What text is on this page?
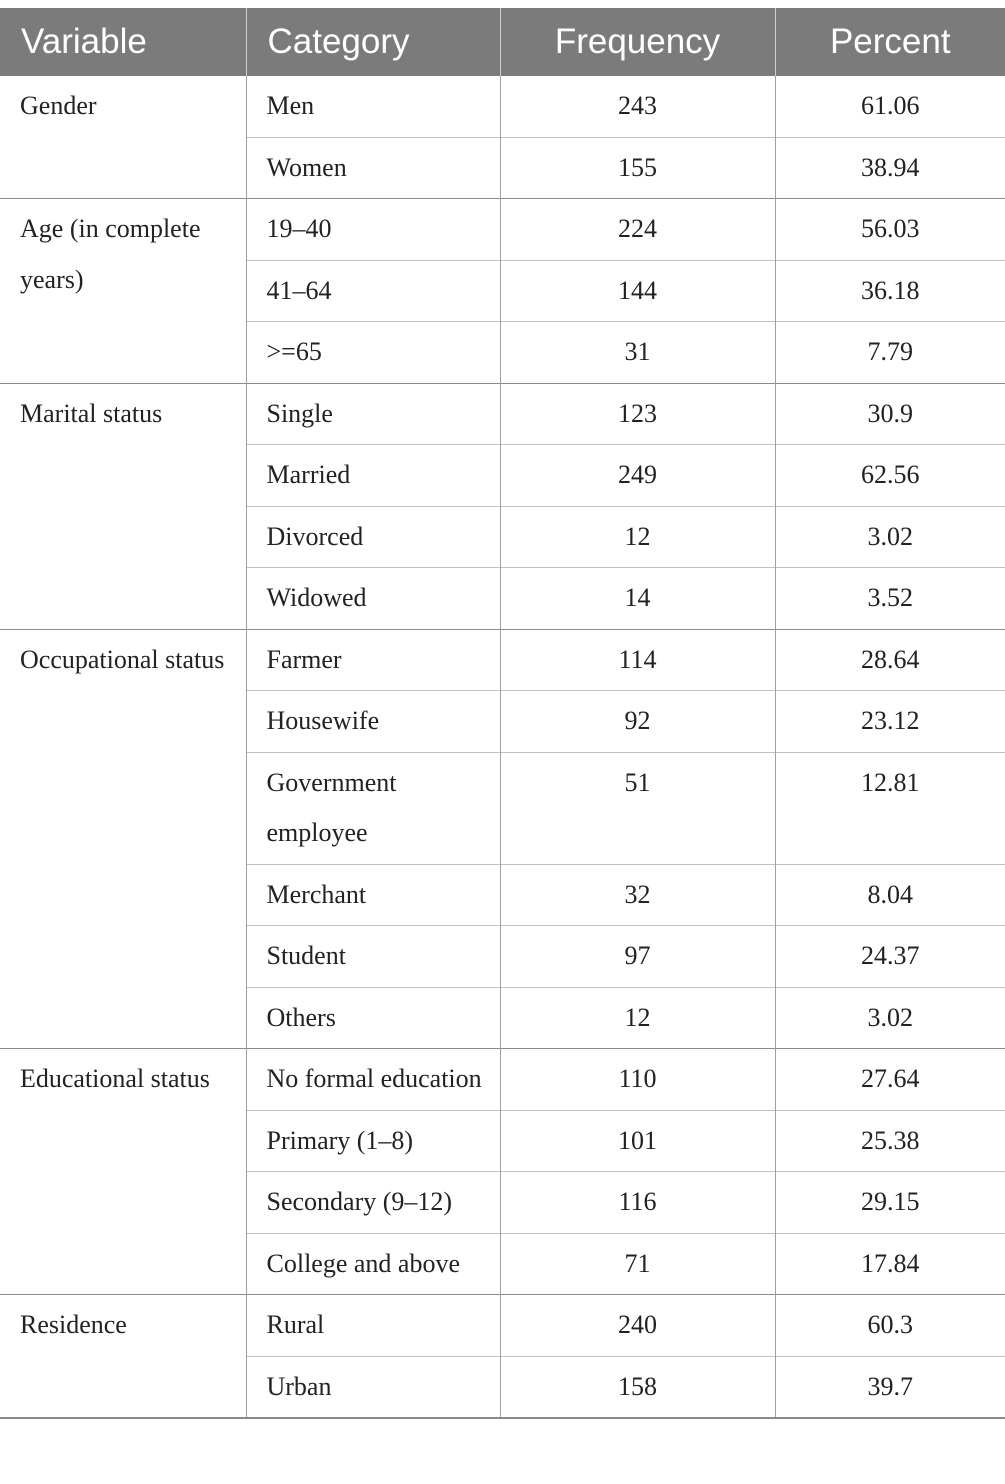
Variable	Category	Frequency	Percent
Gender	Men	243	61.06
	Women	155	38.94
Age (in complete years)	19–40	224	56.03
	41–64	144	36.18
	>=65	31	7.79
Marital status	Single	123	30.9
	Married	249	62.56
	Divorced	12	3.02
	Widowed	14	3.52
Occupational status	Farmer	114	28.64
	Housewife	92	23.12
	Government employee	51	12.81
	Merchant	32	8.04
	Student	97	24.37
	Others	12	3.02
Educational status	No formal education	110	27.64
	Primary (1–8)	101	25.38
	Secondary (9–12)	116	29.15
	College and above	71	17.84
Residence	Rural	240	60.3
	Urban	158	39.7
